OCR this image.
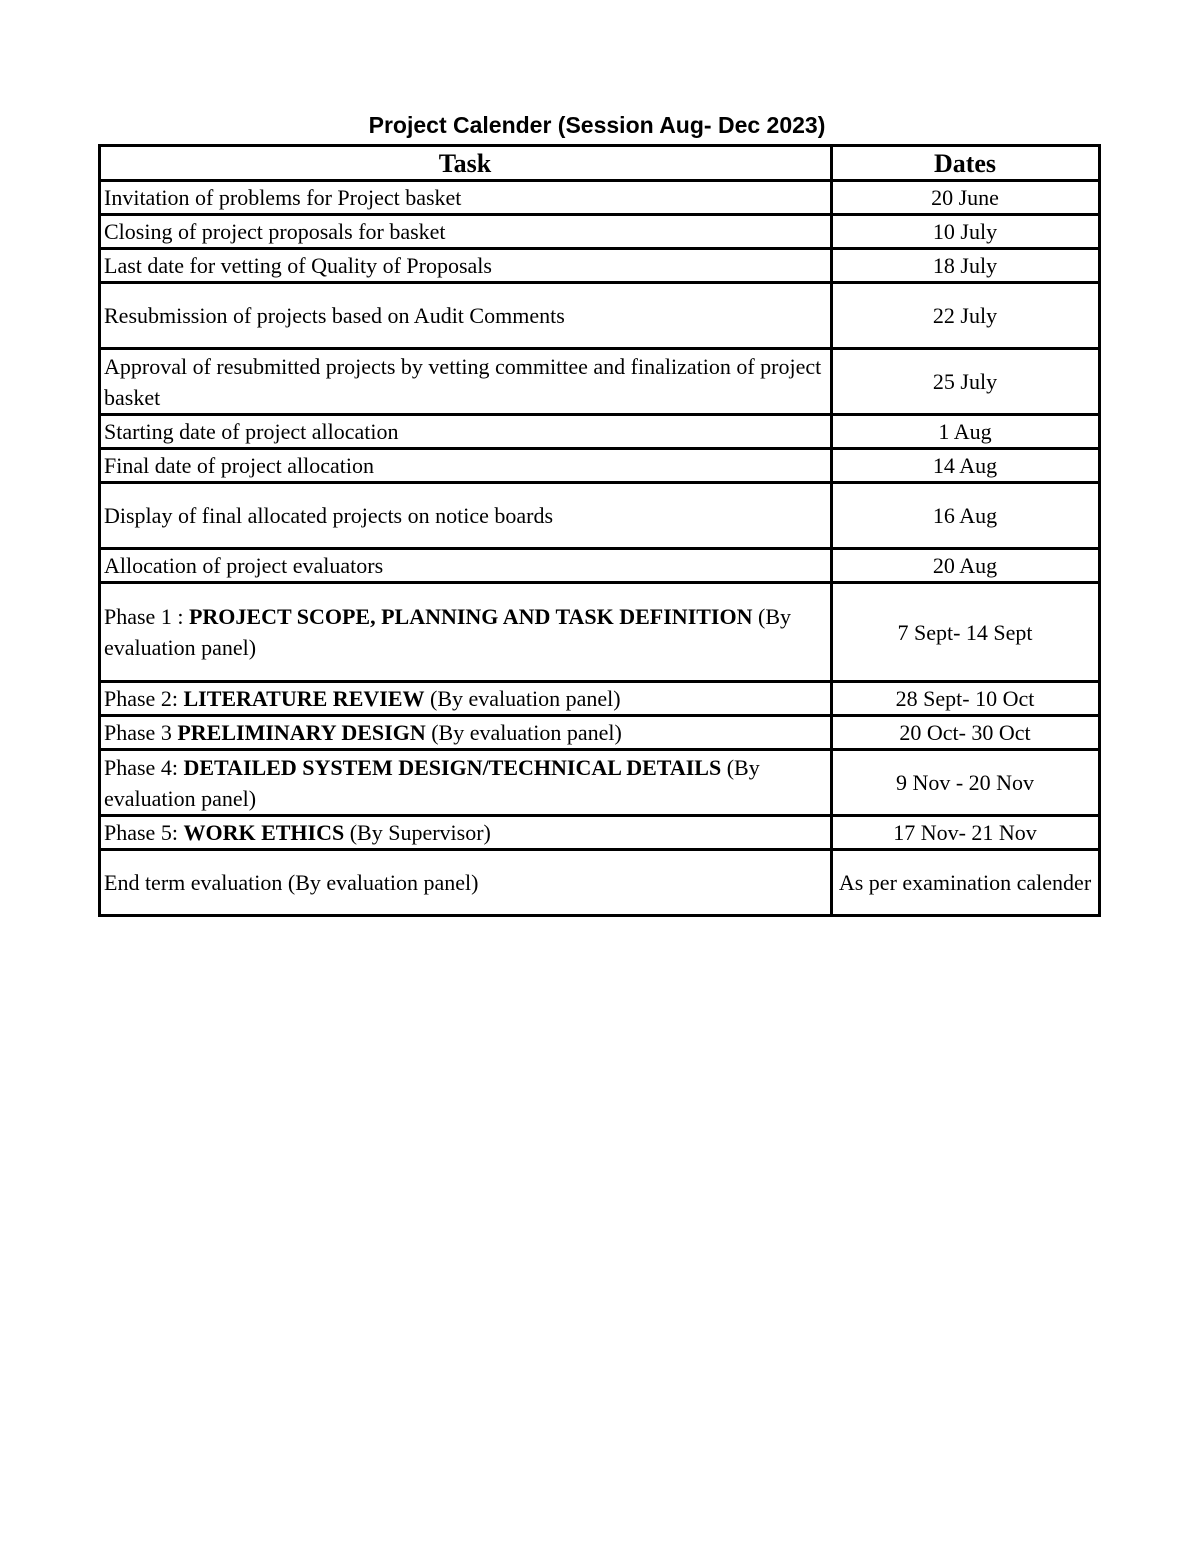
Project Calender (Session Aug- Dec 2023)
Task	Dates
Invitation of problems for Project basket	20 June
Closing of project proposals for basket	10 July
Last date for vetting of Quality of Proposals	18 July
Resubmission of projects based on Audit Comments	22 July
Approval of resubmitted projects by vetting committee and finalization of project basket	25 July
Starting date of project allocation	1 Aug
Final date of project allocation	14 Aug
Display of final allocated projects on notice boards	16 Aug
Allocation of project evaluators	20 Aug
Phase 1 : PROJECT SCOPE, PLANNING AND TASK DEFINITION (By evaluation panel)	7 Sept- 14 Sept
Phase 2: LITERATURE REVIEW (By evaluation panel)	28 Sept- 10 Oct
Phase 3 PRELIMINARY DESIGN (By evaluation panel)	20 Oct- 30 Oct
Phase 4: DETAILED SYSTEM DESIGN/TECHNICAL DETAILS (By evaluation panel)	9 Nov - 20 Nov
Phase 5: WORK ETHICS (By Supervisor)	17 Nov- 21 Nov
End term evaluation (By evaluation panel)	As per examination calender
